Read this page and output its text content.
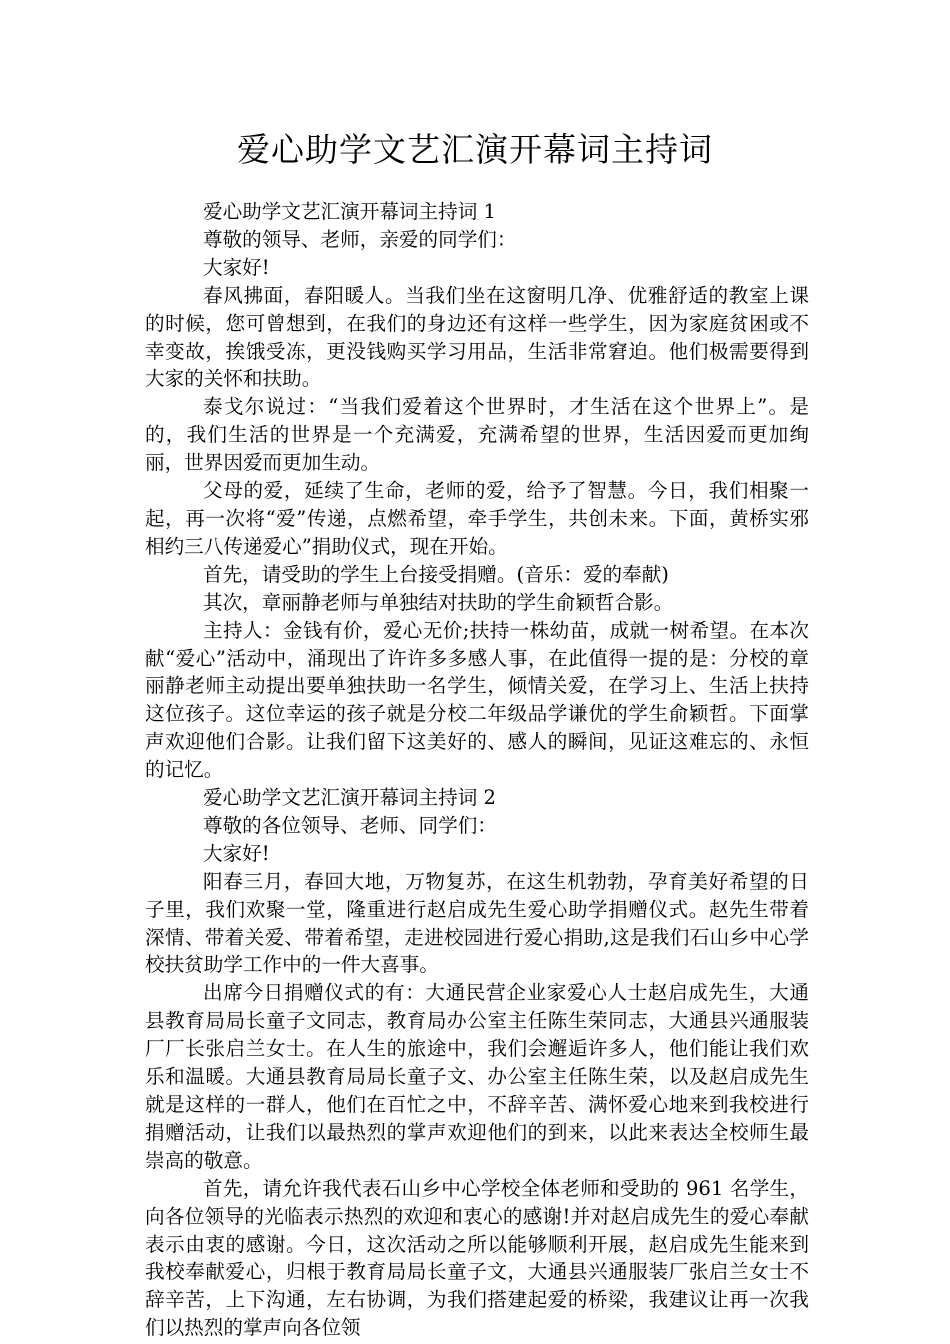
爱心助学文艺汇演开幕词主持词

爱心助学文艺汇演开幕词主持词 1

尊敬的领导、老师，亲爱的同学们：

大家好!

春风拂面，春阳暖人。当我们坐在这窗明几净、优雅舒适的教室上课的时候，您可曾想到，在我们的身边还有这样一些学生，因为家庭贫困或不幸变故，挨饿受冻，更没钱购买学习用品，生活非常窘迫。他们极需要得到大家的关怀和扶助。

泰戈尔说过：“当我们爱着这个世界时，才生活在这个世界上”。是的，我们生活的世界是一个充满爱，充满希望的世界，生活因爱而更加绚丽，世界因爱而更加生动。

父母的爱，延续了生命，老师的爱，给予了智慧。今日，我们相聚一起，再一次将“爱”传递，点燃希望，牵手学生，共创未来。下面，黄桥实邪相约三八传递爱心”捐助仪式，现在开始。

首先，请受助的学生上台接受捐赠。(音乐：爱的奉献)

其次，章丽静老师与单独结对扶助的学生俞颖哲合影。

主持人：金钱有价，爱心无价;扶持一株幼苗，成就一树希望。在本次献“爱心”活动中，涌现出了许许多多感人事，在此值得一提的是：分校的章丽静老师主动提出要单独扶助一名学生，倾情关爱，在学习上、生活上扶持这位孩子。这位幸运的孩子就是分校二年级品学谦优的学生俞颖哲。下面掌声欢迎他们合影。让我们留下这美好的、感人的瞬间，见证这难忘的、永恒的记忆。

爱心助学文艺汇演开幕词主持词 2

尊敬的各位领导、老师、同学们：

大家好!

阳春三月，春回大地，万物复苏，在这生机勃勃，孕育美好希望的日子里，我们欢聚一堂，隆重进行赵启成先生爱心助学捐赠仪式。赵先生带着深情、带着关爱、带着希望，走进校园进行爱心捐助,这是我们石山乡中心学校扶贫助学工作中的一件大喜事。

出席今日捐赠仪式的有：大通民营企业家爱心人士赵启成先生，大通县教育局局长童子文同志，教育局办公室主任陈生荣同志，大通县兴通服装厂厂长张启兰女士。在人生的旅途中，我们会邂逅许多人，他们能让我们欢乐和温暖。大通县教育局局长童子文、办公室主任陈生荣，以及赵启成先生就是这样的一群人，他们在百忙之中，不辞辛苦、满怀爱心地来到我校进行捐赠活动，让我们以最热烈的掌声欢迎他们的到来，以此来表达全校师生最崇高的敬意。

首先，请允许我代表石山乡中心学校全体老师和受助的 961 名学生，向各位领导的光临表示热烈的欢迎和衷心的感谢!并对赵启成先生的爱心奉献表示由衷的感谢。今日，这次活动之所以能够顺利开展，赵启成先生能来到我校奉献爱心，归根于教育局局长童子文，大通县兴通服装厂张启兰女士不辞辛苦，上下沟通，左右协调，为我们搭建起爱的桥梁，我建议让再一次我们以热烈的掌声向各位领
